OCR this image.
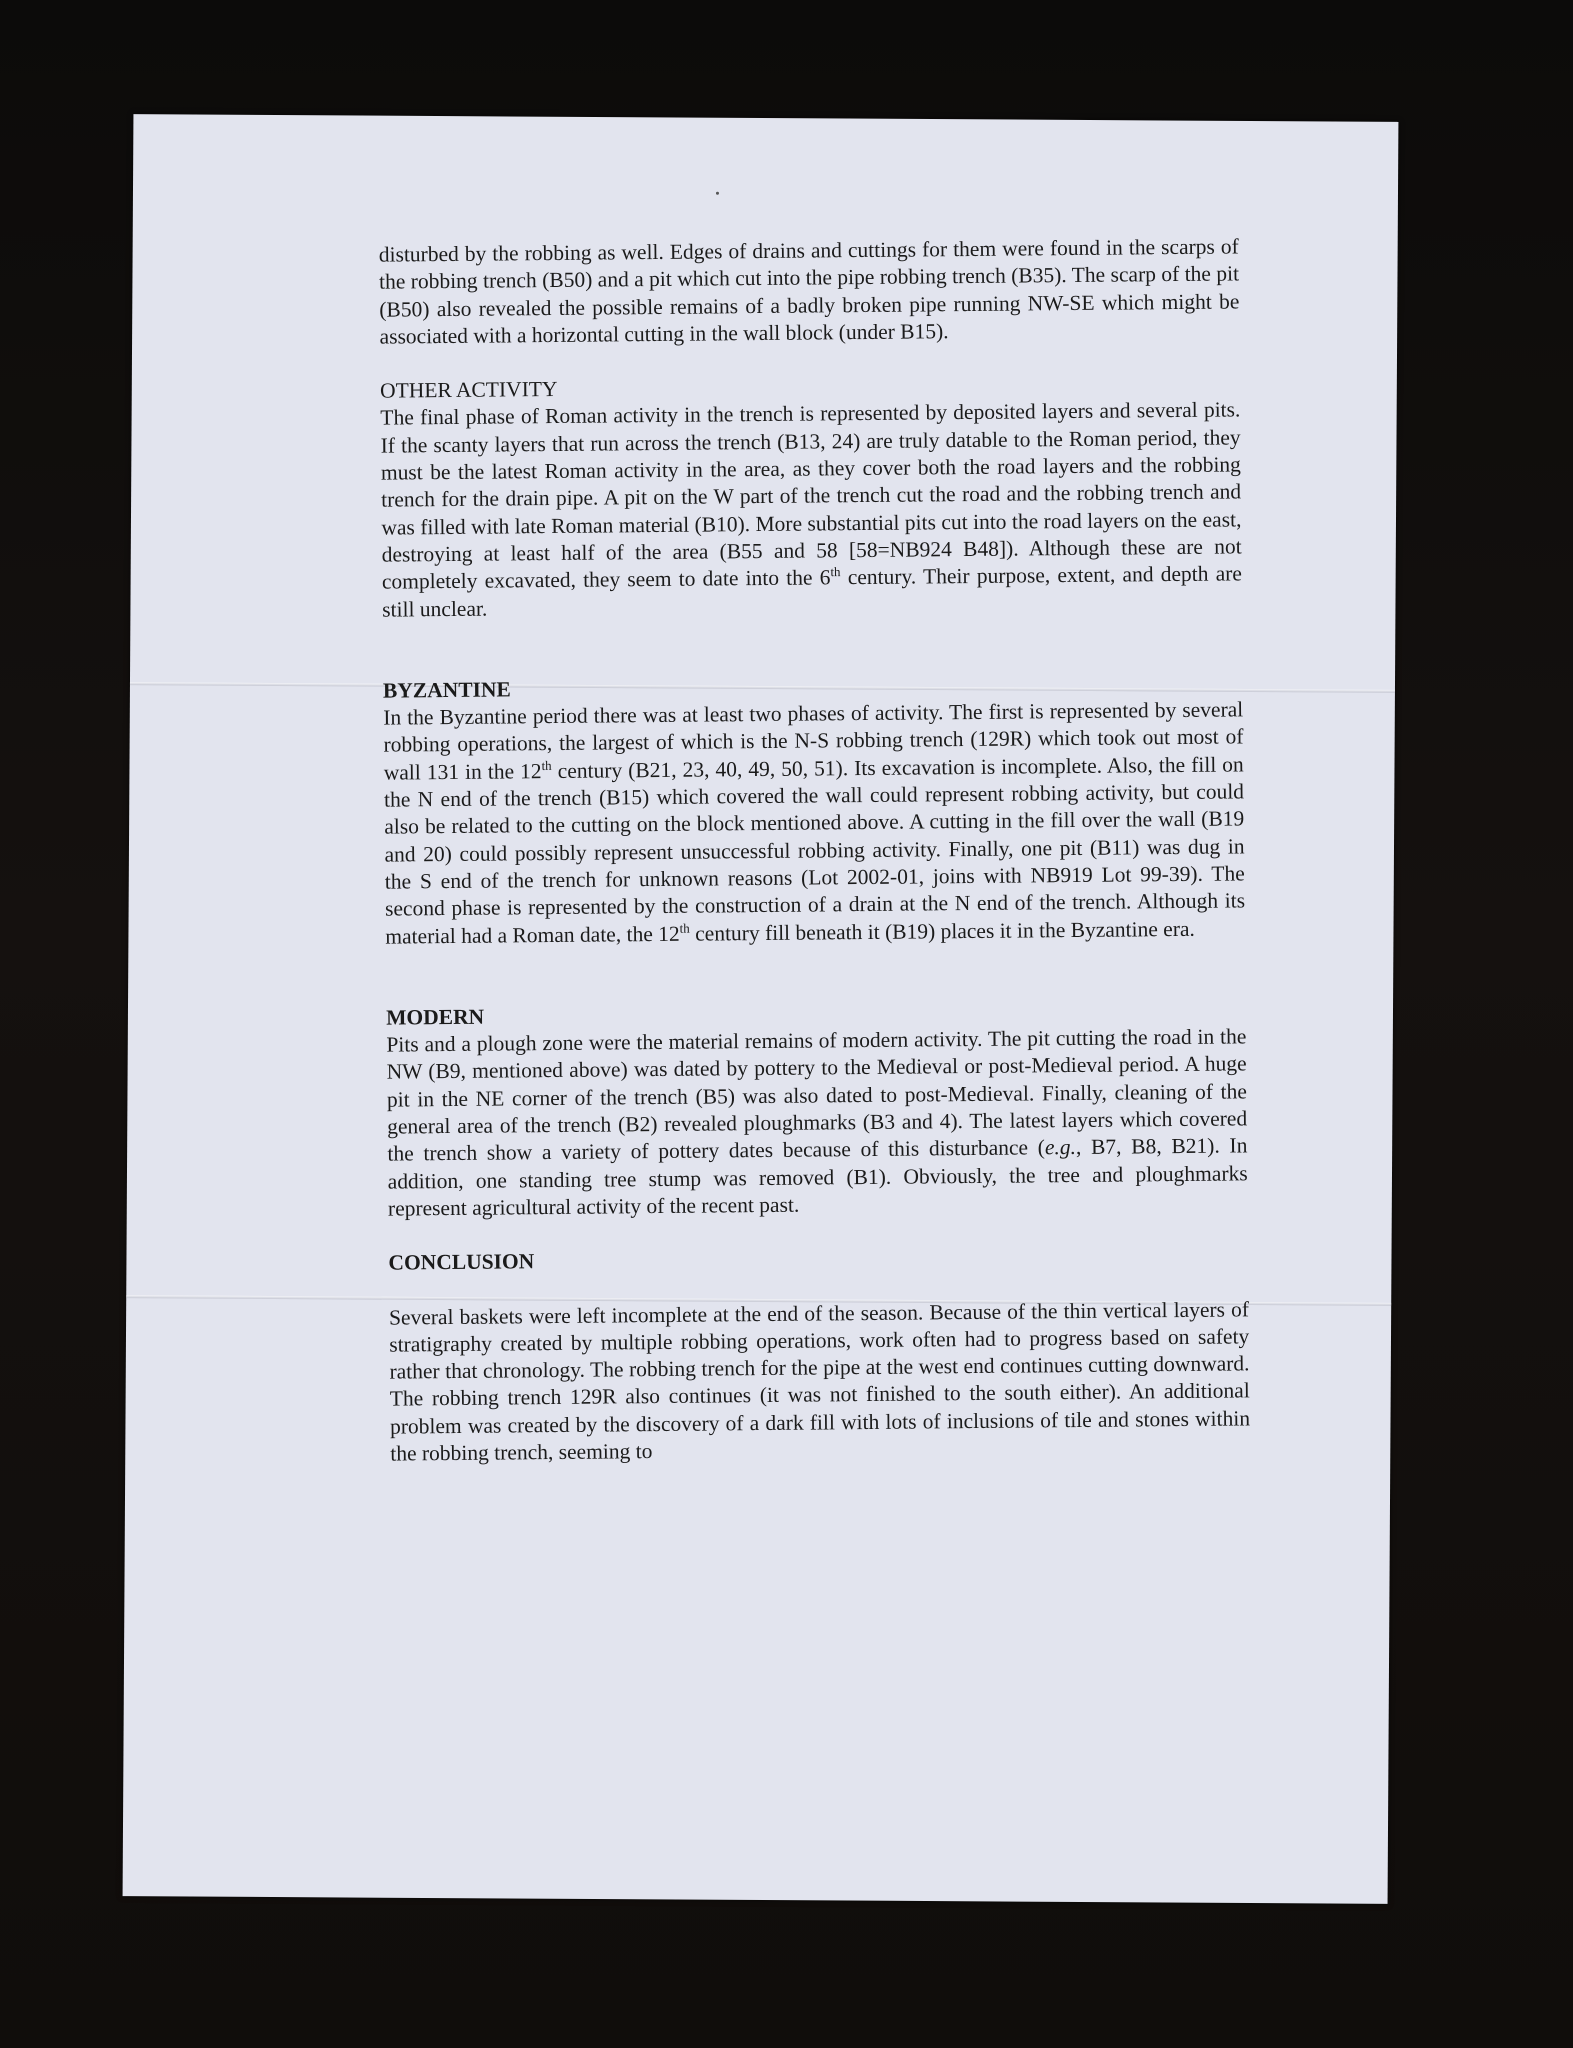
disturbed by the robbing as well. Edges of drains and cuttings for them were found in the scarps of the robbing trench (B50) and a pit which cut into the pipe robbing trench (B35). The scarp of the pit (B50) also revealed the possible remains of a badly broken pipe running NW-SE which might be associated with a horizontal cutting in the wall block (under B15).

OTHER ACTIVITY

The final phase of Roman activity in the trench is represented by deposited layers and several pits. If the scanty layers that run across the trench (B13, 24) are truly datable to the Roman period, they must be the latest Roman activity in the area, as they cover both the road layers and the robbing trench for the drain pipe. A pit on the W part of the trench cut the road and the robbing trench and was filled with late Roman material (B10). More substantial pits cut into the road layers on the east, destroying at least half of the area (B55 and 58 [58=NB924 B48]). Although these are not completely excavated, they seem to date into the 6th century. Their purpose, extent, and depth are still unclear.

BYZANTINE

In the Byzantine period there was at least two phases of activity. The first is represented by several robbing operations, the largest of which is the N-S robbing trench (129R) which took out most of wall 131 in the 12th century (B21, 23, 40, 49, 50, 51). Its excavation is incomplete. Also, the fill on the N end of the trench (B15) which covered the wall could represent robbing activity, but could also be related to the cutting on the block mentioned above. A cutting in the fill over the wall (B19 and 20) could possibly represent unsuccessful robbing activity. Finally, one pit (B11) was dug in the S end of the trench for unknown reasons (Lot 2002-01, joins with NB919 Lot 99-39). The second phase is represented by the construction of a drain at the N end of the trench. Although its material had a Roman date, the 12th century fill beneath it (B19) places it in the Byzantine era.

MODERN

Pits and a plough zone were the material remains of modern activity. The pit cutting the road in the NW (B9, mentioned above) was dated by pottery to the Medieval or post-Medieval period. A huge pit in the NE corner of the trench (B5) was also dated to post-Medieval. Finally, cleaning of the general area of the trench (B2) revealed ploughmarks (B3 and 4). The latest layers which covered the trench show a variety of pottery dates because of this disturbance (e.g., B7, B8, B21). In addition, one standing tree stump was removed (B1). Obviously, the tree and ploughmarks represent agricultural activity of the recent past.

CONCLUSION

Several baskets were left incomplete at the end of the season. Because of the thin vertical layers of stratigraphy created by multiple robbing operations, work often had to progress based on safety rather that chronology. The robbing trench for the pipe at the west end continues cutting downward. The robbing trench 129R also continues (it was not finished to the south either). An additional problem was created by the discovery of a dark fill with lots of inclusions of tile and stones within the robbing trench, seeming to
